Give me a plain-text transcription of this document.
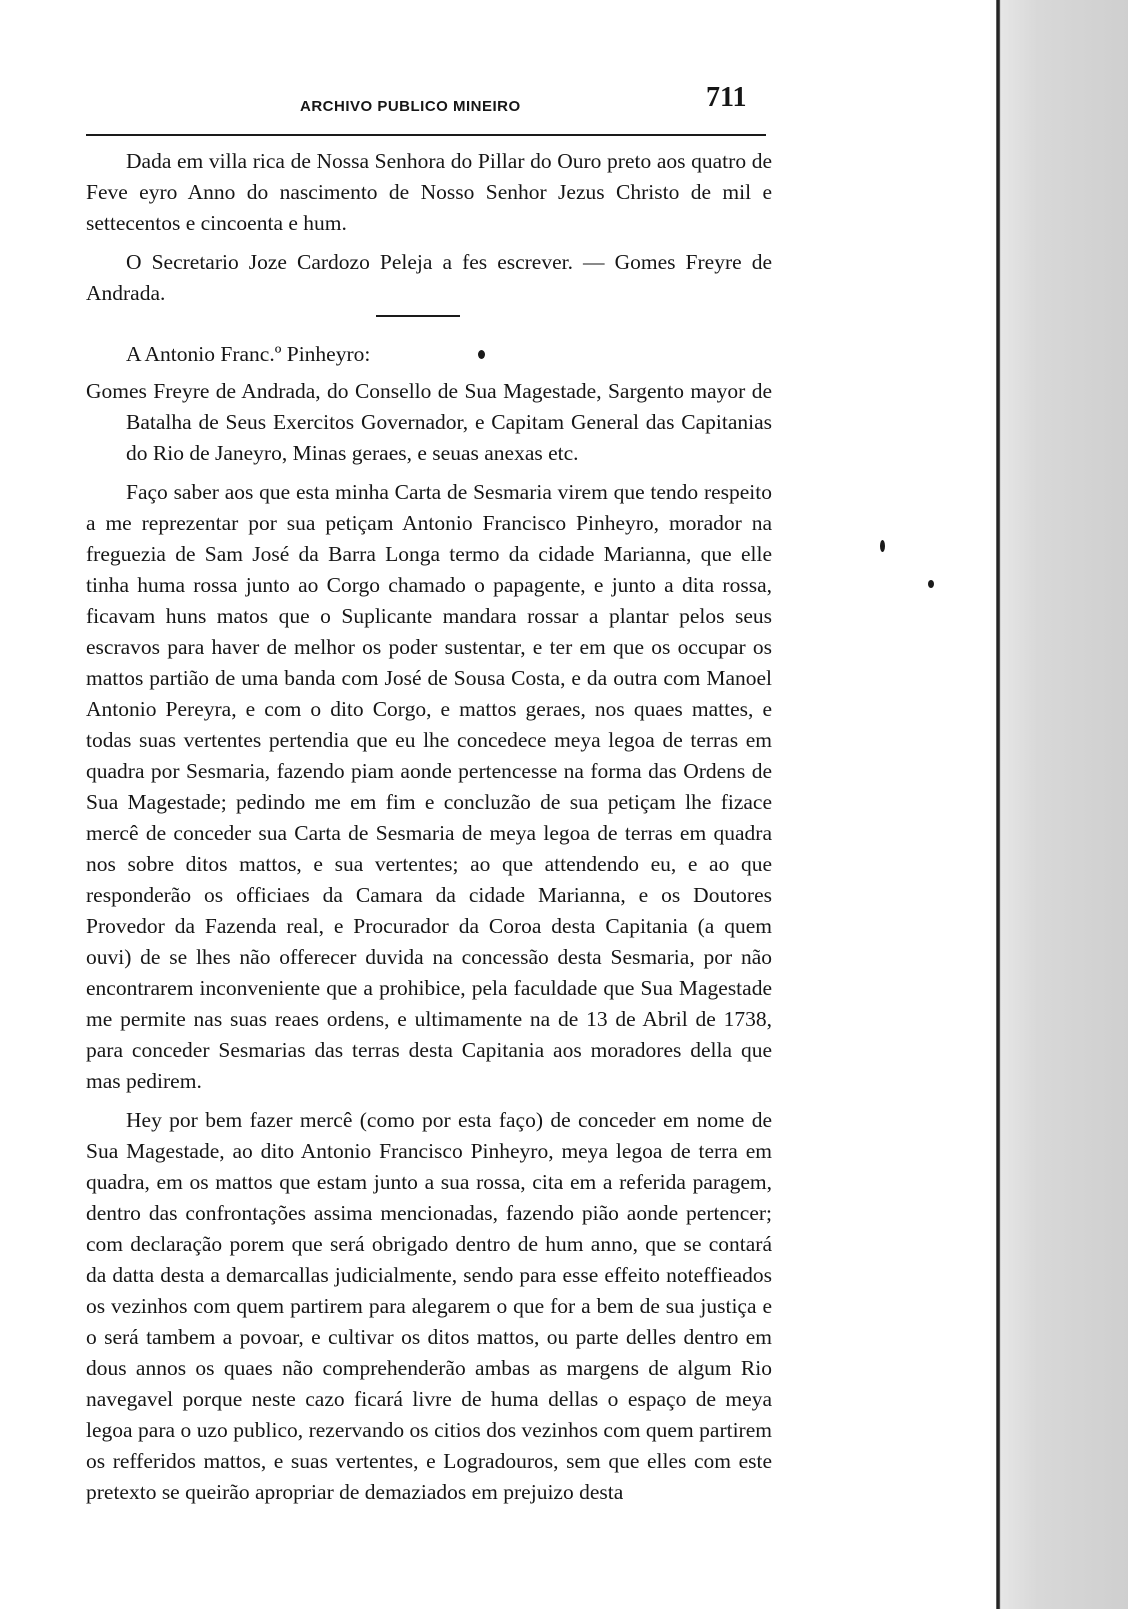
ARCHIVO PUBLICO MINEIRO	711

Dada em villa rica de Nossa Senhora do Pillar do Ouro preto aos quatro de Feve eyro Anno do nascimento de Nosso Senhor Jezus Christo de mil e settecentos e cincoenta e hum.

O Secretario Joze Cardozo Peleja a fes escrever. — Gomes Freyre de Andrada.

A Antonio Franc.º Pinheyro:

Gomes Freyre de Andrada, do Consello de Sua Magestade, Sargento mayor de Batalha de Seus Exercitos Governador, e Capitam General das Capitanias do Rio de Janeyro, Minas geraes, e seuas anexas etc.

Faço saber aos que esta minha Carta de Sesmaria virem que tendo respeito a me reprezentar por sua petiçam Antonio Francisco Pinheyro, morador na freguezia de Sam José da Barra Longa termo da cidade Marianna, que elle tinha huma rossa junto ao Corgo chamado o papagente, e junto a dita rossa, ficavam huns matos que o Suplicante mandara rossar a plantar pelos seus escravos para haver de melhor os poder sustentar, e ter em que os occupar os mattos partião de uma banda com José de Sousa Costa, e da outra com Manoel Antonio Pereyra, e com o dito Corgo, e mattos geraes, nos quaes mattes, e todas suas vertentes pertendia que eu lhe concedece meya legoa de terras em quadra por Sesmaria, fazendo piam aonde pertencesse na forma das Ordens de Sua Magestade; pedindo me em fim e concluzão de sua petiçam lhe fizace mercê de conceder sua Carta de Sesmaria de meya legoa de terras em quadra nos sobre ditos mattos, e sua vertentes; ao que attendendo eu, e ao que responderão os officiaes da Camara da cidade Marianna, e os Doutores Provedor da Fazenda real, e Procurador da Coroa desta Capitania (a quem ouvi) de se lhes não offerecer duvida na concessão desta Sesmaria, por não encontrarem inconveniente que a prohibice, pela faculdade que Sua Magestade me permite nas suas reaes ordens, e ultimamente na de 13 de Abril de 1738, para conceder Sesmarias das terras desta Capitania aos moradores della que mas pedirem.

Hey por bem fazer mercê (como por esta faço) de conceder em nome de Sua Magestade, ao dito Antonio Francisco Pinheyro, meya legoa de terra em quadra, em os mattos que estam junto a sua rossa, cita em a referida paragem, dentro das confrontações assima mencionadas, fazendo pião aonde pertencer; com declaração porem que será obrigado dentro de hum anno, que se contará da datta desta a demarcallas judicialmente, sendo para esse effeito noteffieados os vezinhos com quem partirem para alegarem o que for a bem de sua justiça e o será tambem a povoar, e cultivar os ditos mattos, ou parte delles dentro em dous annos os quaes não comprehenderão ambas as margens de algum Rio navegavel porque neste cazo ficará livre de huma dellas o espaço de meya legoa para o uzo publico, rezervando os citios dos vezinhos com quem partirem os refferidos mattos, e suas vertentes, e Logradouros, sem que elles com este pretexto se queirão apropriar de demaziados em prejuizo desta
